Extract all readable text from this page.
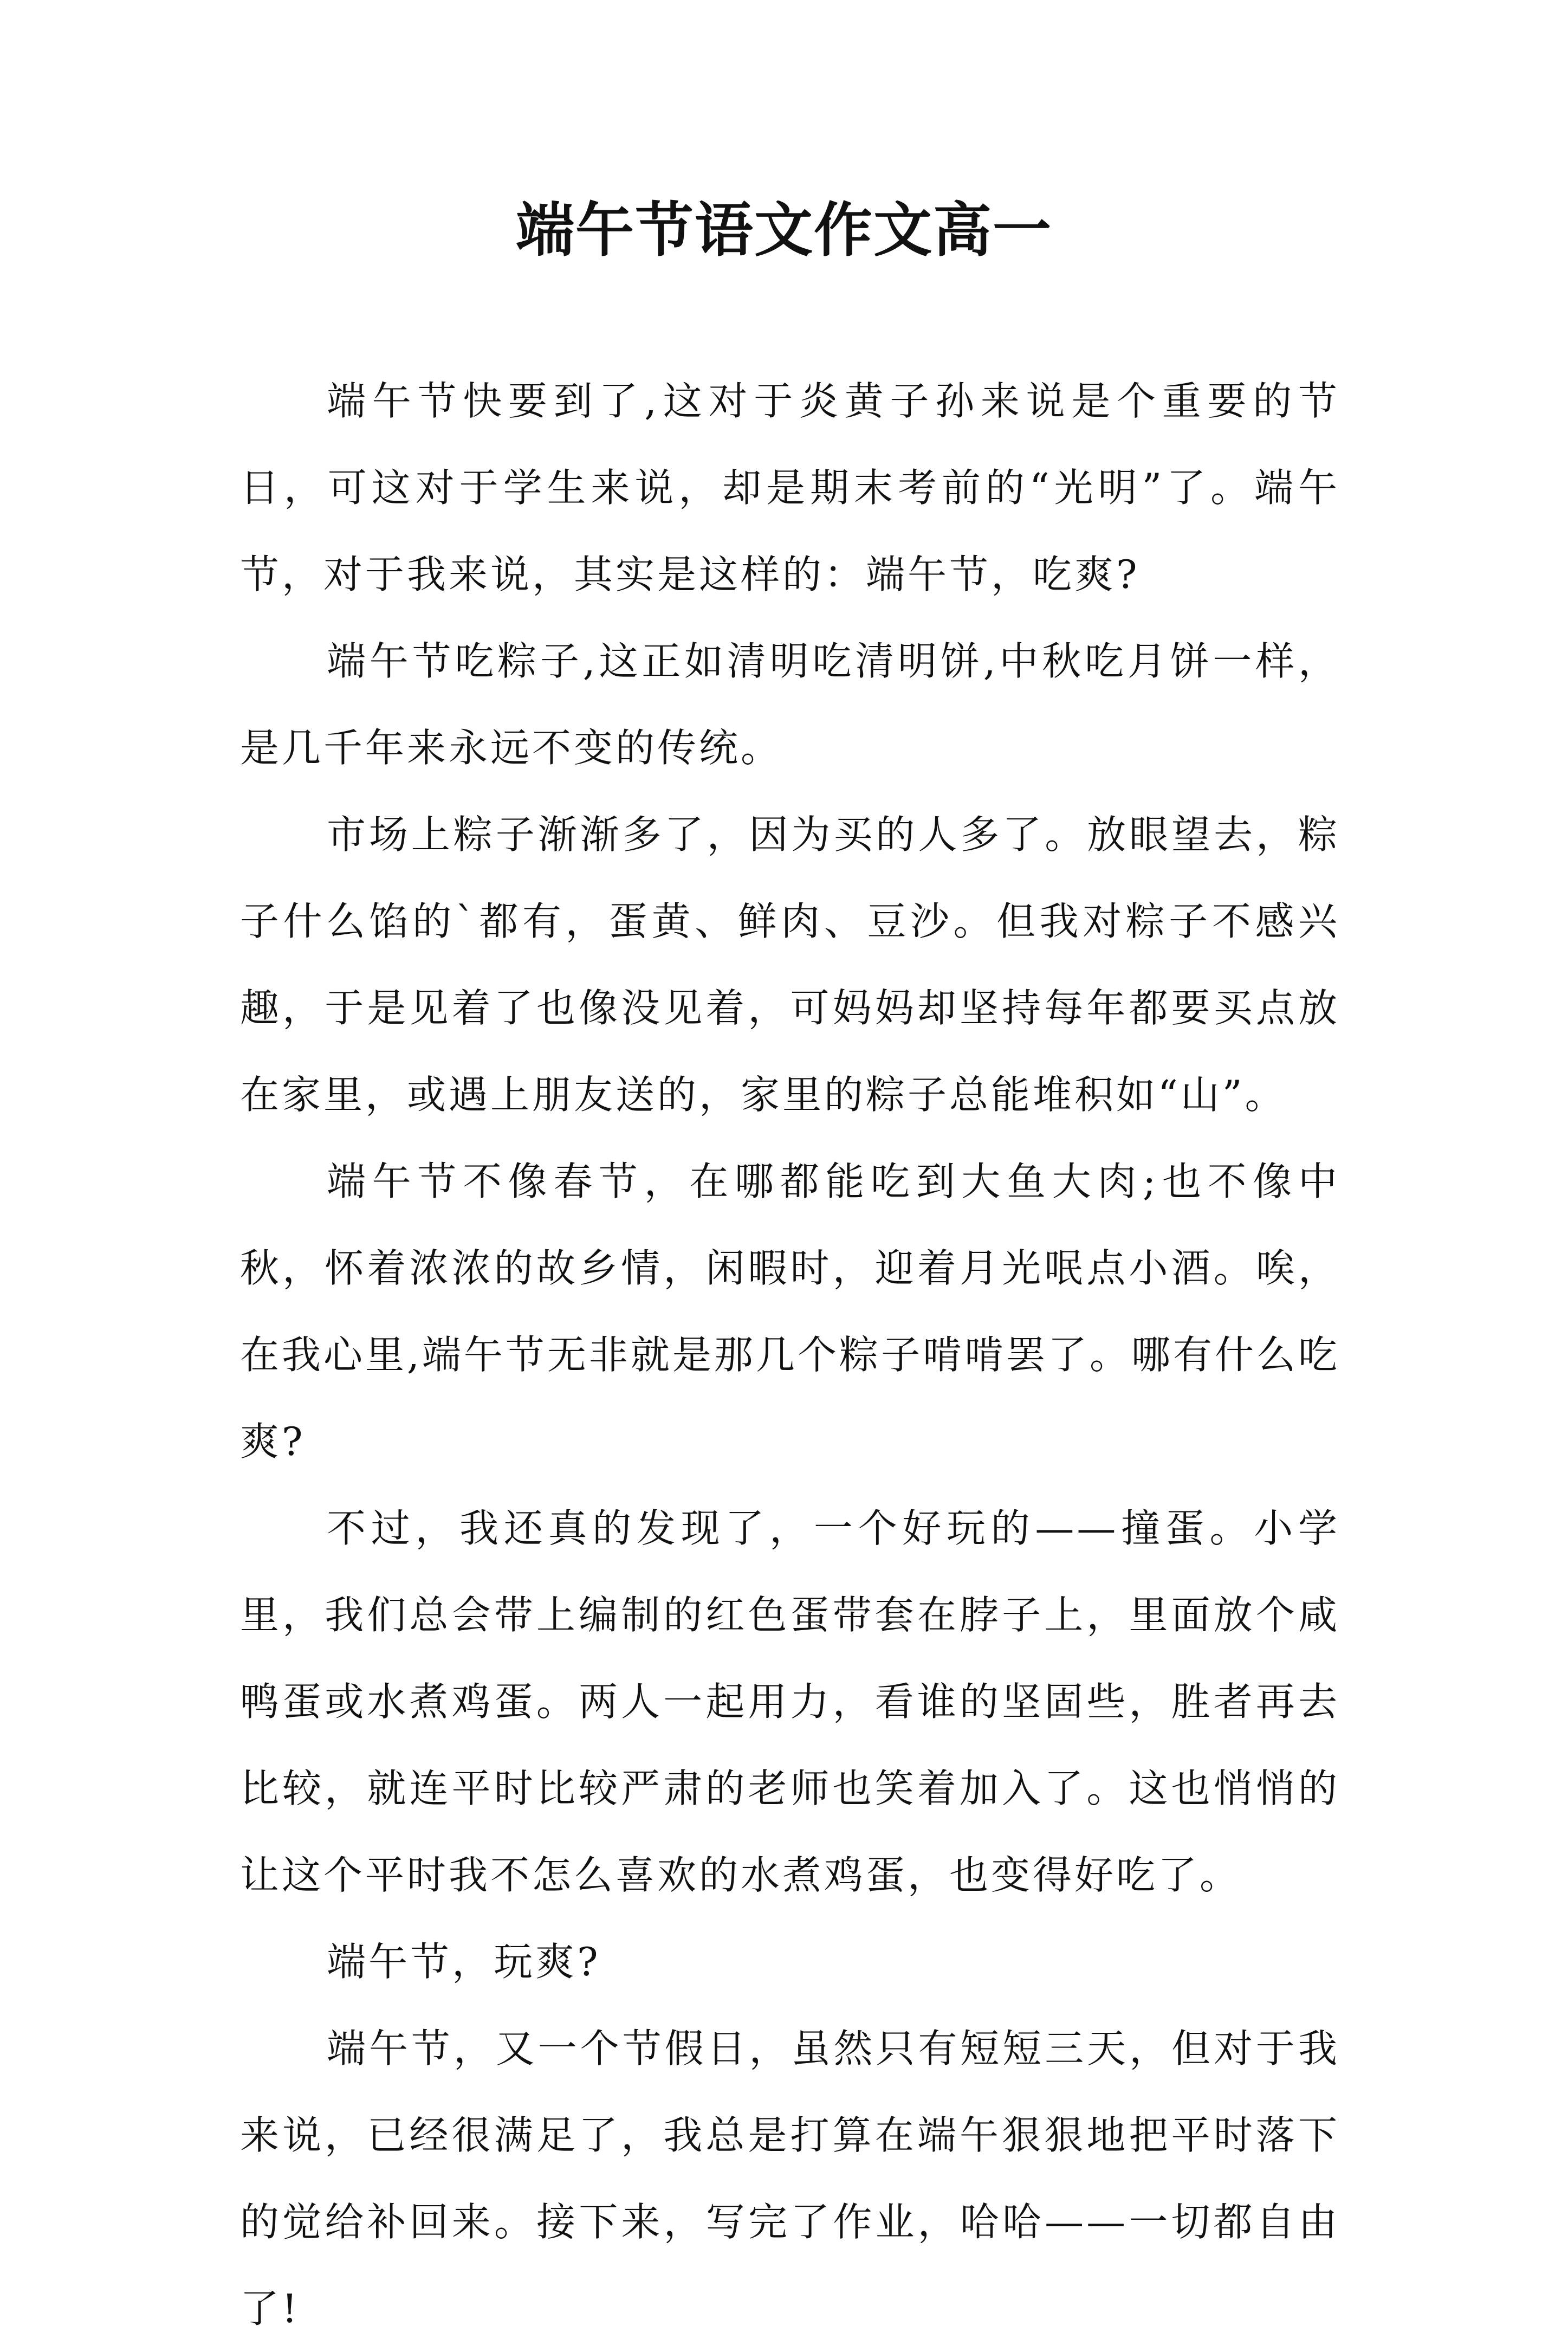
端午节语文作文高一

端午节快要到了,这对于炎黄子孙来说是个重要的节日，可这对于学生来说，却是期末考前的“光明”了。端午节，对于我来说，其实是这样的：端午节，吃爽?

端午节吃粽子,这正如清明吃清明饼,中秋吃月饼一样，是几千年来永远不变的传统。

市场上粽子渐渐多了，因为买的人多了。放眼望去，粽子什么馅的`都有，蛋黄、鲜肉、豆沙。但我对粽子不感兴趣，于是见着了也像没见着，可妈妈却坚持每年都要买点放在家里，或遇上朋友送的，家里的粽子总能堆积如“山”。

端午节不像春节，在哪都能吃到大鱼大肉;也不像中秋，怀着浓浓的故乡情，闲暇时，迎着月光呡点小酒。唉，在我心里,端午节无非就是那几个粽子啃啃罢了。哪有什么吃爽?

不过，我还真的发现了，一个好玩的——撞蛋。小学里，我们总会带上编制的红色蛋带套在脖子上，里面放个咸鸭蛋或水煮鸡蛋。两人一起用力，看谁的坚固些，胜者再去比较，就连平时比较严肃的老师也笑着加入了。这也悄悄的让这个平时我不怎么喜欢的水煮鸡蛋，也变得好吃了。

端午节，玩爽?

端午节，又一个节假日，虽然只有短短三天，但对于我来说，已经很满足了，我总是打算在端午狠狠地把平时落下的觉给补回来。接下来，写完了作业，哈哈——一切都自由了!
